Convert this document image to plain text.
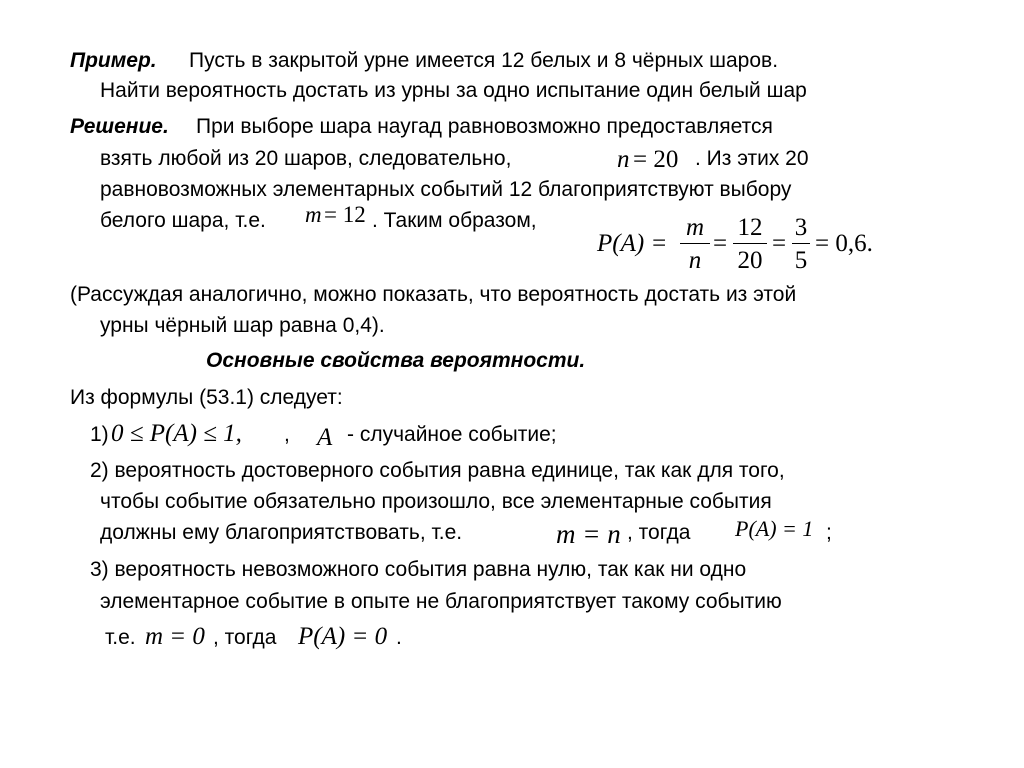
Пример. Пусть в закрытой урне имеется 12 белых и 8 чёрных шаров.
Найти вероятность достать из урны за одно испытание один белый шар
Решение. При выборе шара наугад равновозможно предоставляется
взять любой из 20 шаров, следовательно,	n = 20 . Из этих 20
равновозможных элементарных событий 12 благоприятствуют выбору
белого шара, т.е. m = 12 . Таким образом,
P(A) =
m
n
=
12
20
=
3
5
= 0,6.
(Рассуждая аналогично, можно показать, что вероятность достать из этой
урны чёрный шар равна 0,4).
Основные свойства вероятности.
Из формулы (53.1) следует:
1) 0 ≤ P(A) ≤ 1, , A - случайное событие;
2) вероятность достоверного события равна единице, так как для того,
чтобы событие обязательно произошло, все элементарные события
должны ему благоприятствовать, т.е.	m = n , тогда P(A) = 1 ;
3) вероятность невозможного события равна нулю, так как ни одно
элементарное событие в опыте не благоприятствует такому событию
т.е. m = 0 , тогда P(A) = 0 .
